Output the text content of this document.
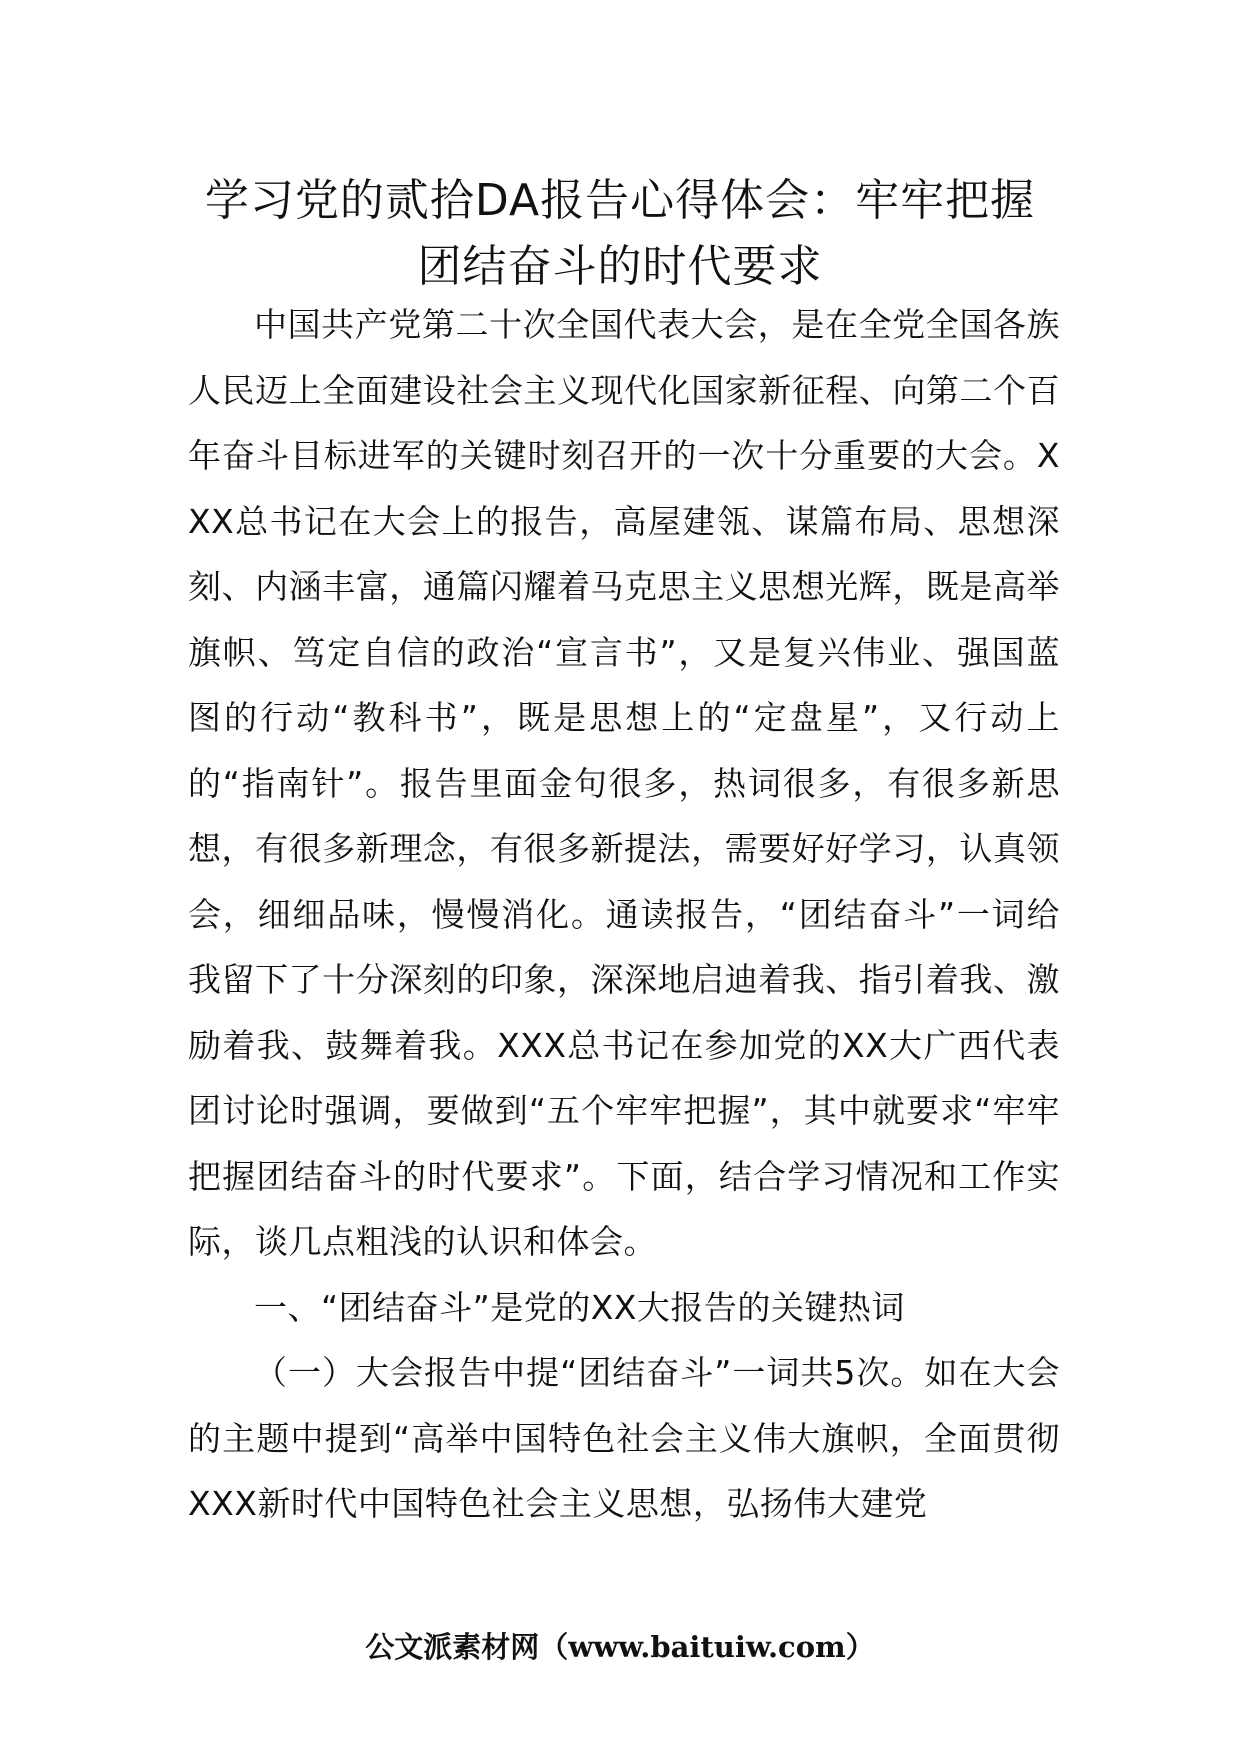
学习党的贰拾DA报告心得体会：牢牢把握
团结奋斗的时代要求

中国共产党第二十次全国代表大会，是在全党全国各族人民迈上全面建设社会主义现代化国家新征程、向第二个百年奋斗目标进军的关键时刻召开的一次十分重要的大会。XXX总书记在大会上的报告，高屋建瓴、谋篇布局、思想深刻、内涵丰富，通篇闪耀着马克思主义思想光辉，既是高举旗帜、笃定自信的政治“宣言书”，又是复兴伟业、强国蓝图的行动“教科书”，既是思想上的“定盘星”，又行动上的“指南针”。报告里面金句很多，热词很多，有很多新思想，有很多新理念，有很多新提法，需要好好学习，认真领会，细细品味，慢慢消化。通读报告，“团结奋斗”一词给我留下了十分深刻的印象，深深地启迪着我、指引着我、激励着我、鼓舞着我。XXX总书记在参加党的XX大广西代表团讨论时强调，要做到“五个牢牢把握”，其中就要求“牢牢把握团结奋斗的时代要求”。下面，结合学习情况和工作实际，谈几点粗浅的认识和体会。

一、“团结奋斗”是党的XX大报告的关键热词

（一）大会报告中提“团结奋斗”一词共5次。如在大会的主题中提到“高举中国特色社会主义伟大旗帜，全面贯彻XXX新时代中国特色社会主义思想，弘扬伟大建党

公文派素材网（www.baituiw.com）
